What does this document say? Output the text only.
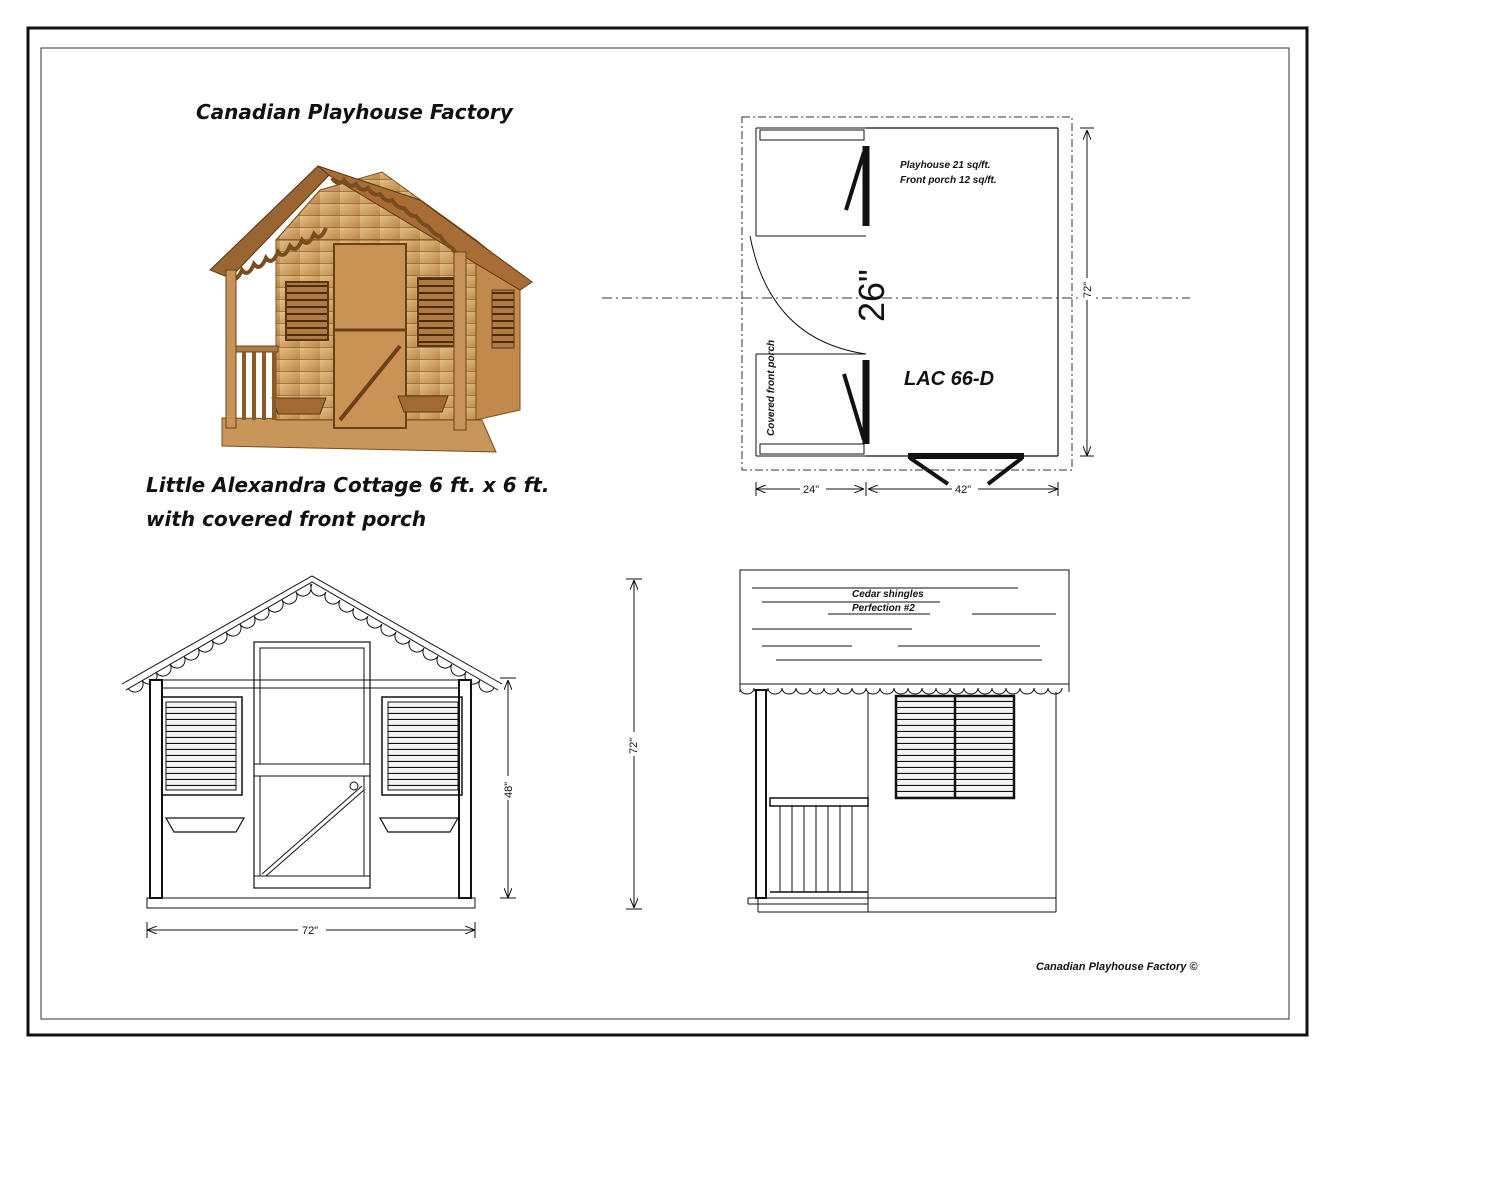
Playhouse 21 sq/ft.
Front porch 12 sq/ft.
26"
LAC 66-D
Covered front porch
24"	42"
72"
72"
48"
72"
Cedar shingles
Perfection #2
Canadian Playhouse Factory
Little Alexandra Cottage 6 ft. x 6 ft.
with covered front porch
Canadian Playhouse Factory ©
